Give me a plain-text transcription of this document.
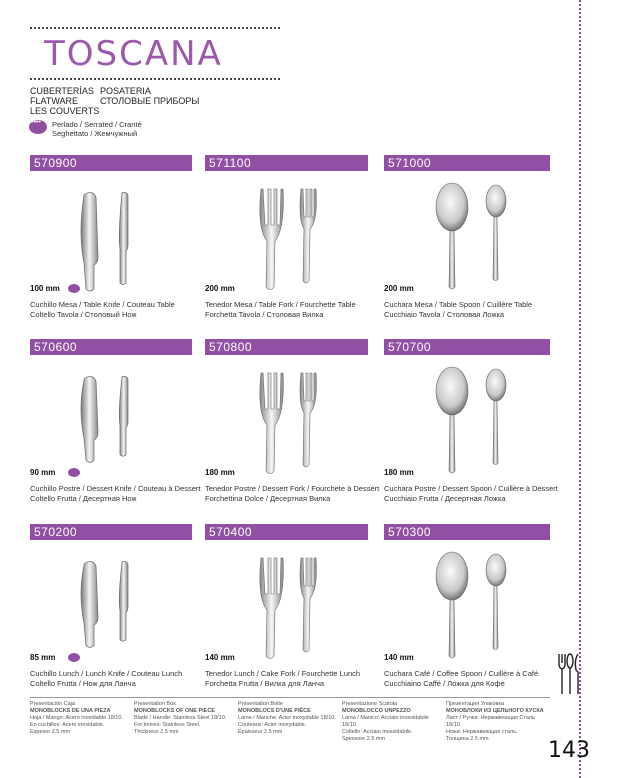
TOSCANA
CUBERTERÍAS
FLATWARE
LES COUVERTS
POSATERIA
СТОЛОВЫЕ ПРИБОРЫ
••••
Perlado / Serrated / Cranté
Seghettato / Жемчужный
570900
100 mm
Cuchillo Mesa / Table Knife / Couteau Table
Coltello Tavola / Столовый Нож
571100
200 mm
Tenedor Mesa / Table Fork / Fourchette Table
Forchetta Tavola / Столовая Вилка
571000
200 mm
Cuchara Mesa / Table Spoon / Cuillère Table
Cucchiaio Tavola / Столовая Ложка
570600
90 mm
Cuchillo Postre / Dessert Knife / Couteau à Dessert
Coltello Frutta / Десертная Нож
570800
180 mm
Tenedor Postre / Dessert Fork / Fourchete à Dessert
Forchettina Dolce / Десертная Вилка
570700
180 mm
Cuchara Postre / Dessert Spoon / Cuillère à Dessert
Cucchiaio Frutta / Десертная Ложка
570200
85 mm
Cuchillo Lunch / Lunch Knife / Couteau Lunch
Coltello Frutta / Нож для Ланча
570400
140 mm
Tenedor Lunch / Cake Fork / Fourchette Lunch
Forchetta Frutta / Вилка для Ланча
570300
140 mm
Cuchara Café / Coffee Spoon / Cuillère à Café
Cucchiaino Caffé / Ложка для Кофе
Presentación Caja
MONOBLOCKS DE UNA PIEZA
Hoja / Mango: Acero inoxidable 18/10.
En cuchillos: Acero inoxidable.
Espesor 2.5 mm
Presentation Box
MONOBLOCKS OF ONE PIECE
Blade / Handle: Stainless Steel 18/10.
For knives: Stainless Steel.
Thickness 2.5 mm
Présentation Boite
MONOBLOCS D'UNE PIÈCE
Lame / Manche: Acier inoxydable 18/10.
Couteaux: Acier inoxydable.
Épaisseur 2.5 mm
Presentazione Scatola
MONOBLOCCO UNPEZZO
Lama / Manico: Acciaio inossidabile 18/10.
Coltello: Acciaio inossidabile.
Spessore 2.5 mm
Презентация Упаковка
МОНОБЛОКИ ИЗ ЦЕЛЬНОГО КУСКА
Лист / Ручка: Нержавеющая Сталь 18/10.
Ножи: Нержавеющая сталь.
Толщина 2.5 mm	143
